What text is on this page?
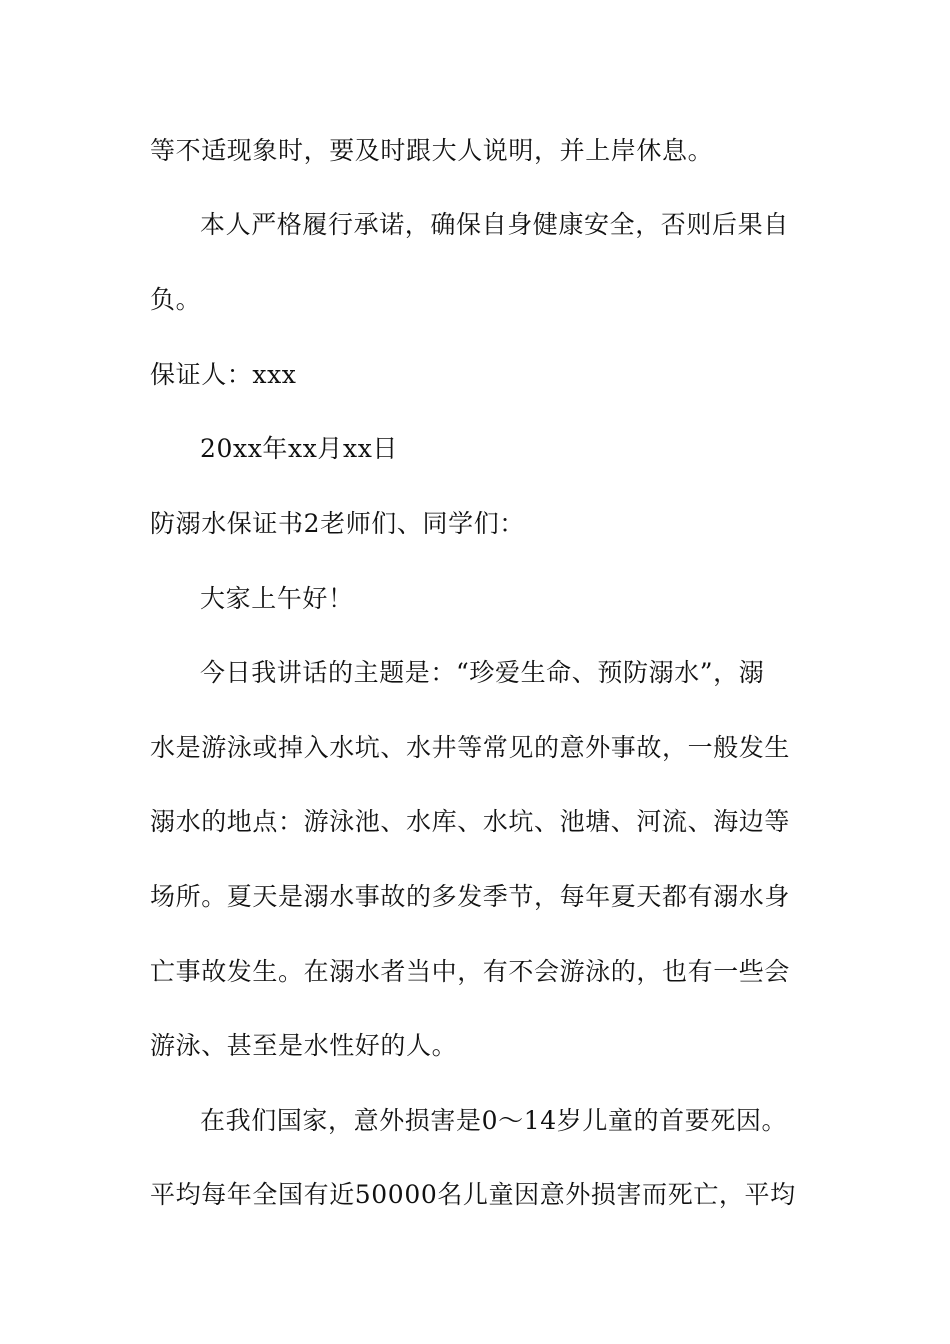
等不适现象时，要及时跟大人说明，并上岸休息。
本人严格履行承诺，确保自身健康安全，否则后果自
负。
保证人：xxx
20xx年xx月xx日
防溺水保证书2老师们、同学们：
大家上午好！
今日我讲话的主题是：“珍爱生命、预防溺水”，溺
水是游泳或掉入水坑、水井等常见的意外事故，一般发生
溺水的地点：游泳池、水库、水坑、池塘、河流、海边等
场所。夏天是溺水事故的多发季节，每年夏天都有溺水身
亡事故发生。在溺水者当中，有不会游泳的，也有一些会
游泳、甚至是水性好的人。
在我们国家，意外损害是0～14岁儿童的首要死因。
平均每年全国有近50000名儿童因意外损害而死亡，平均
